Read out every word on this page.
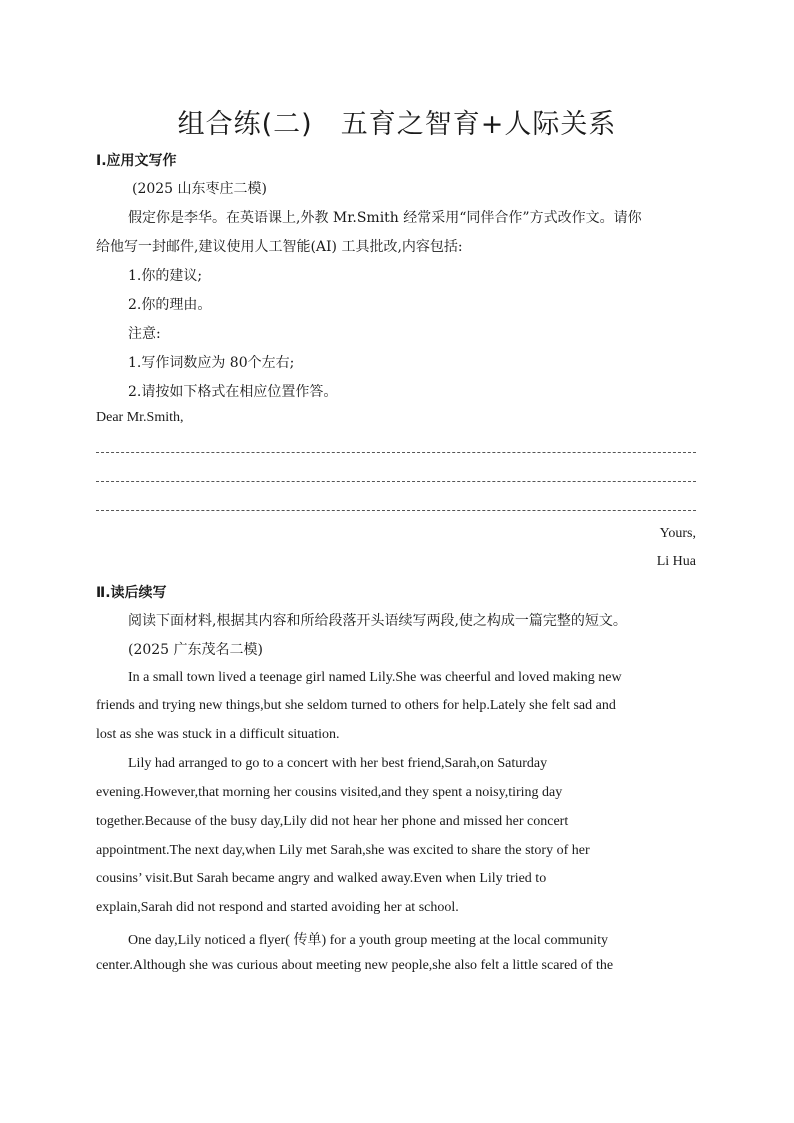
组合练(二)　五育之智育+人际关系
Ⅰ.应用文写作
(2025 山东枣庄二模)
假定你是李华。在英语课上,外教 Mr.Smith 经常采用“同伴合作”方式改作文。请你
给他写一封邮件,建议使用人工智能(AI) 工具批改,内容包括:
1.你的建议;
2.你的理由。
注意:
1.写作词数应为 80个左右;
2.请按如下格式在相应位置作答。
Dear Mr.Smith,
Yours,
Li Hua
Ⅱ.读后续写
阅读下面材料,根据其内容和所给段落开头语续写两段,使之构成一篇完整的短文。
(2025 广东茂名二模)
In a small town lived a teenage girl named Lily.She was cheerful and loved making new
friends and trying new things,but she seldom turned to others for help.Lately she felt sad and
lost as she was stuck in a difficult situation.
Lily had arranged to go to a concert with her best friend,Sarah,on Saturday
evening.However,that morning her cousins visited,and they spent a noisy,tiring day
together.Because of the busy day,Lily did not hear her phone and missed her concert
appointment.The next day,when Lily met Sarah,she was excited to share the story of her
cousins’ visit.But Sarah became angry and walked away.Even when Lily tried to
explain,Sarah did not respond and started avoiding her at school.
One day,Lily noticed a flyer( 传单) for a youth group meeting at the local community
center.Although she was curious about meeting new people,she also felt a little scared of the
